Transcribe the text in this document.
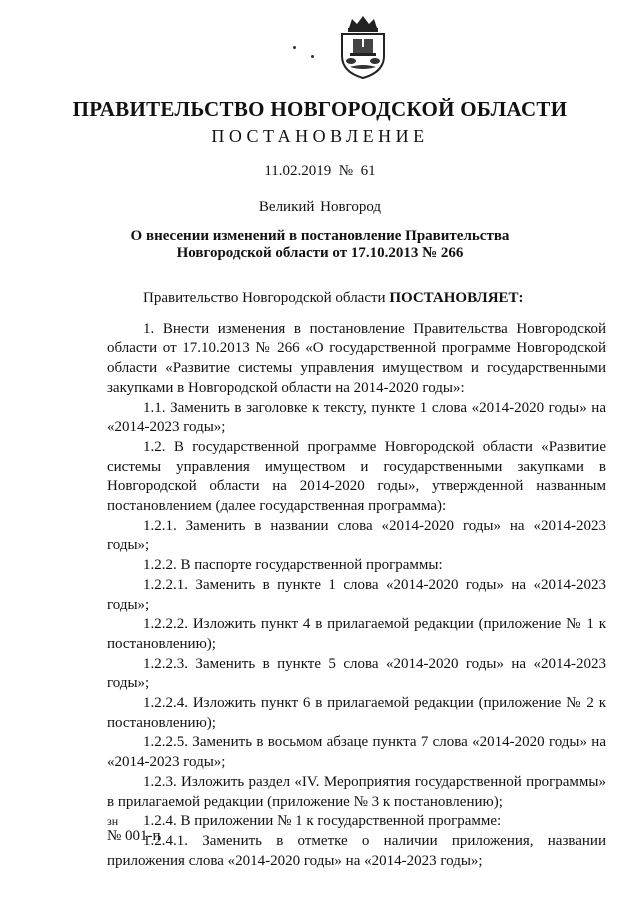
ПРАВИТЕЛЬСТВО НОВГОРОДСКОЙ ОБЛАСТИ
ПОСТАНОВЛЕНИЕ
11.02.2019  №  61
Великий Новгород
О внесении изменений в постановление Правительства
Новгородской области от 17.10.2013 № 266

Правительство Новгородской области ПОСТАНОВЛЯЕТ:

1. Внести изменения в постановление Правительства Новгородской области от 17.10.2013 № 266 «О государственной программе Новгородской области «Развитие системы управления имуществом и государственными закупками в Новгородской области на 2014-2020 годы»:

1.1. Заменить в заголовке к тексту, пункте 1 слова «2014-2020 годы» на «2014-2023 годы»;

1.2. В государственной программе Новгородской области «Развитие системы управления имуществом и государственными закупками в Новгородской области на 2014-2020 годы», утвержденной названным постановлением (далее государственная программа):

1.2.1. Заменить в названии слова «2014-2020 годы» на «2014-2023 годы»;

1.2.2. В паспорте государственной программы:

1.2.2.1. Заменить в пункте 1 слова «2014-2020 годы» на «2014-2023 годы»;

1.2.2.2. Изложить пункт 4 в прилагаемой редакции (приложение № 1 к постановлению);

1.2.2.3. Заменить в пункте 5 слова «2014-2020 годы» на «2014-2023 годы»;

1.2.2.4. Изложить пункт 6 в прилагаемой редакции (приложение № 2 к постановлению);

1.2.2.5. Заменить в восьмом абзаце пункта 7 слова «2014-2020 годы» на «2014-2023 годы»;

1.2.3. Изложить раздел «IV. Мероприятия государственной программы» в прилагаемой редакции (приложение № 3 к постановлению);

1.2.4. В приложении № 1 к государственной программе:

1.2.4.1. Заменить в отметке о наличии приложения, названии приложения слова «2014-2020 годы» на «2014-2023 годы»;

зн
№ 001-п
